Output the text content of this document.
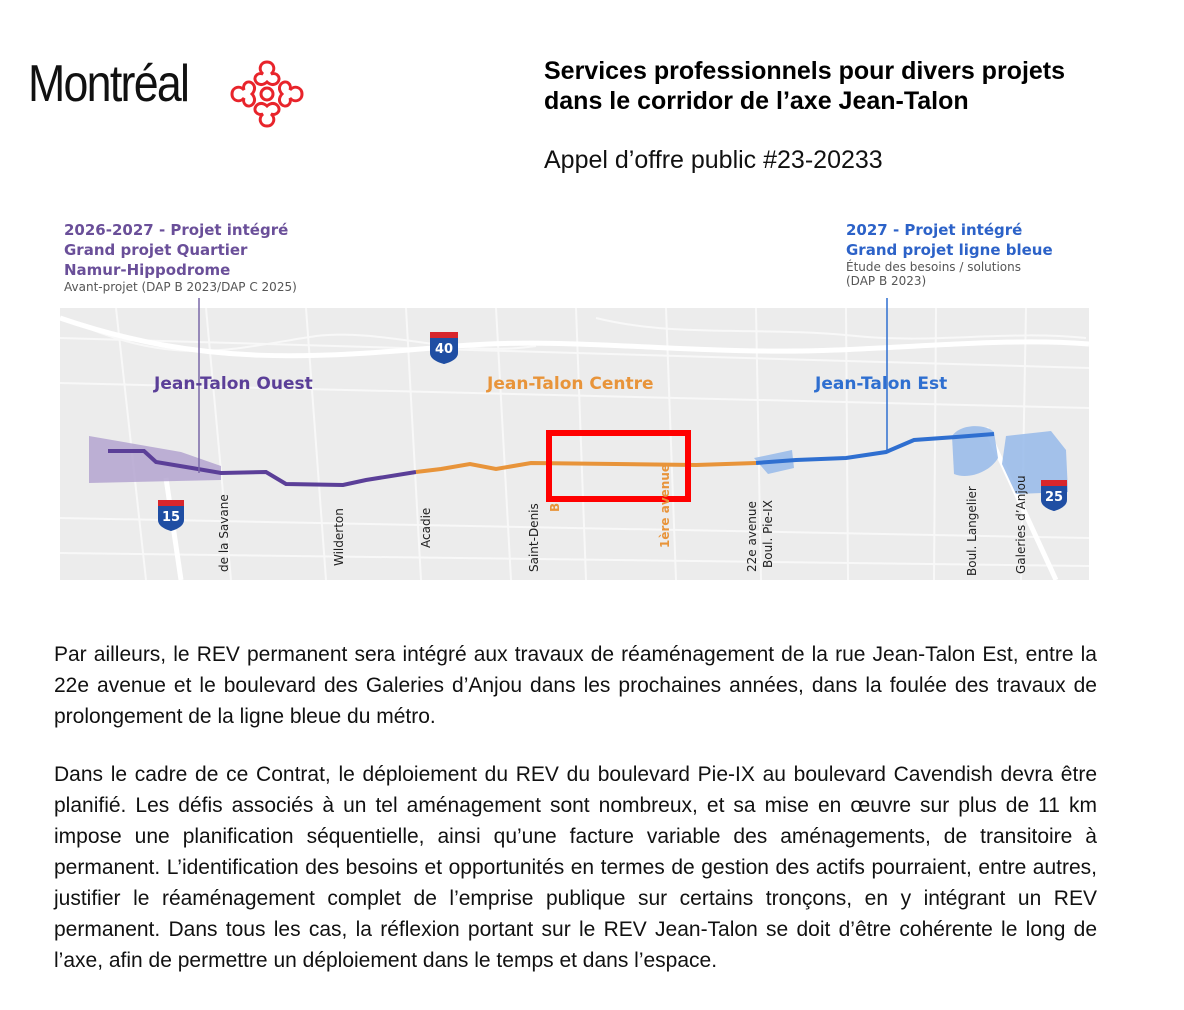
Montréal	Services professionnels pour divers projets
dans le corridor de l’axe Jean-Talon
Appel d’offre public #23-20233
2026-2027 - Projet intégré
Grand projet Quartier
Namur-Hippodrome
Avant-projet (DAP B 2023/DAP C 2025)
2027 - Projet intégré
Grand projet ligne bleue
Étude des besoins / solutions
(DAP B 2023)
Jean-Talon Ouest	Jean-Talon Centre	Jean-Talon Est
40
15
25
de la Savane	Wilderton	Acadie	Saint-Denis B	1ère avenue	22e avenue Boul. Pie-IX	Boul. Langelier	Galeries d’Anjou

Par ailleurs, le REV permanent sera intégré aux travaux de réaménagement de la rue Jean-Talon Est, entre la 22e avenue et le boulevard des Galeries d’Anjou dans les prochaines années, dans la foulée des travaux de prolongement de la ligne bleue du métro.

Dans le cadre de ce Contrat, le déploiement du REV du boulevard Pie-IX au boulevard Cavendish devra être planifié. Les défis associés à un tel aménagement sont nombreux, et sa mise en œuvre sur plus de 11 km impose une planification séquentielle, ainsi qu’une facture variable des aménagements, de transitoire à permanent. L’identification des besoins et opportunités en termes de gestion des actifs pourraient, entre autres, justifier le réaménagement complet de l’emprise publique sur certains tronçons, en y intégrant un REV permanent. Dans tous les cas, la réflexion portant sur le REV Jean-Talon se doit d’être cohérente le long de l’axe, afin de permettre un déploiement dans le temps et dans l’espace.
